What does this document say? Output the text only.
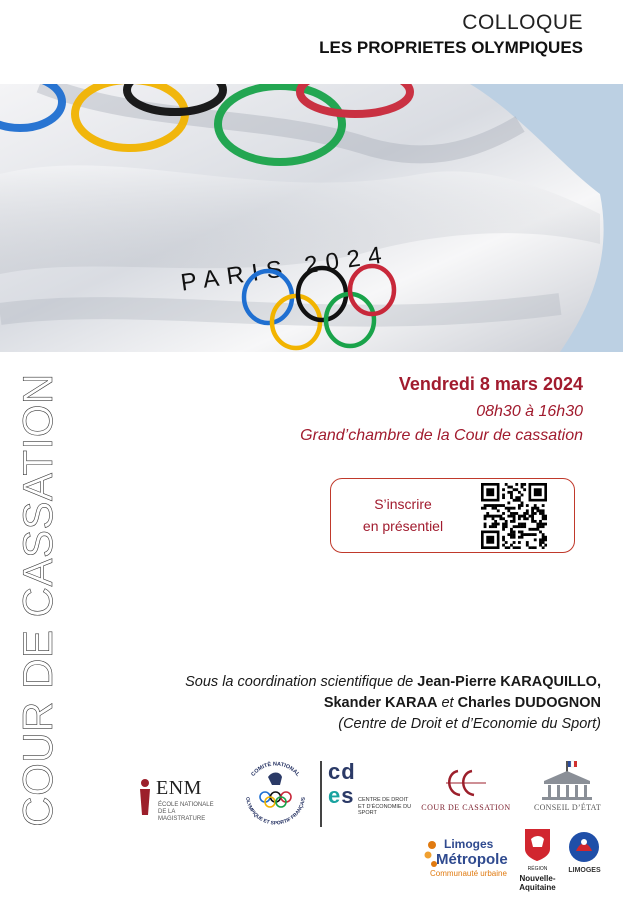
COLLOQUE
LES PROPRIETES OLYMPIQUES
PARIS 2024
COUR DE CASSATION	Vendredi 8 mars 2024
08h30 à 16h30
Grand’chambre de la Cour de cassation
S’inscrire
en présentiel
Sous la coordination scientifique de Jean-Pierre KARAQUILLO, Skander KARAA et Charles DUDOGNON
(Centre de Droit et d’Economie du Sport)
ENM
ÉCOLE NATIONALE DE LA MAGISTRATURE
COMITÉ NATIONAL
OLYMPIQUE ET SPORTIF FRANÇAIS
cd
es CENTRE DE DROIT ET D’ÉCONOMIE DU SPORT
COUR DE CASSATION	CONSEIL D’ÉTAT
Limoges
Métropole
Communauté urbaine	RÉGION
Nouvelle-Aquitaine
LIMOGES
